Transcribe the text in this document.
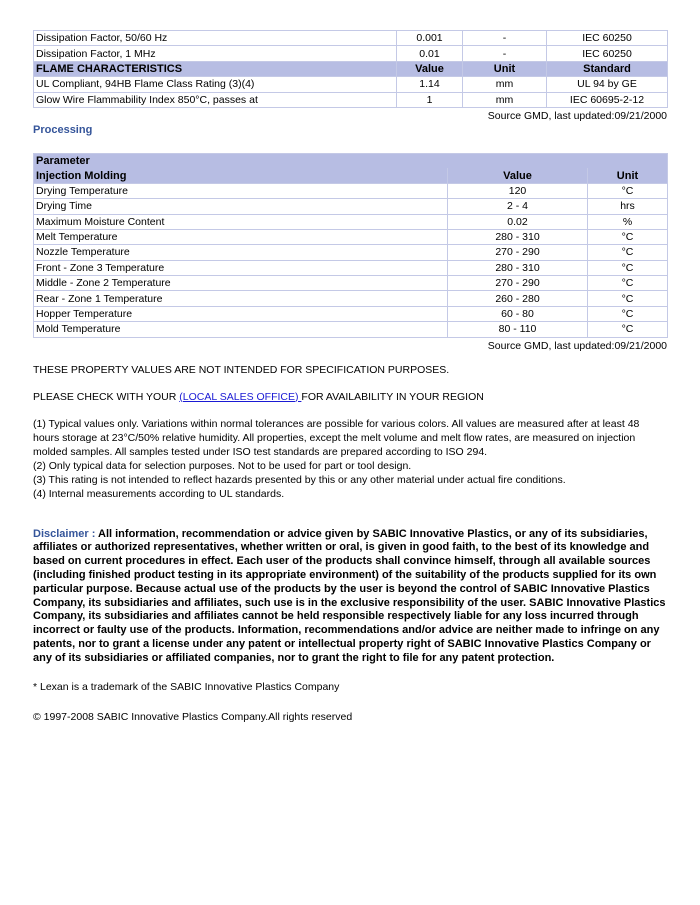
Dissipation Factor, 50/60 Hz	0.001	-	IEC 60250
Dissipation Factor, 1 MHz	0.01	-	IEC 60250
FLAME CHARACTERISTICS	Value	Unit	Standard
UL Compliant, 94HB Flame Class Rating (3)(4)	1.14	mm	UL 94 by GE
Glow Wire Flammability Index 850°C, passes at	1	mm	IEC 60695-2-12
Source GMD, last updated:09/21/2000
Processing
Parameter		
Injection Molding	Value	Unit
Drying Temperature	120	°C
Drying Time	2 - 4	hrs
Maximum Moisture Content	0.02	%
Melt Temperature	280 - 310	°C
Nozzle Temperature	270 - 290	°C
Front - Zone 3 Temperature	280 - 310	°C
Middle - Zone 2 Temperature	270 - 290	°C
Rear - Zone 1 Temperature	260 - 280	°C
Hopper Temperature	60 - 80	°C
Mold Temperature	80 - 110	°C
Source GMD, last updated:09/21/2000

THESE PROPERTY VALUES ARE NOT INTENDED FOR SPECIFICATION PURPOSES.

PLEASE CHECK WITH YOUR (LOCAL SALES OFFICE) FOR AVAILABILITY IN YOUR REGION

(1) Typical values only. Variations within normal tolerances are possible for various colors. All values are measured after at least 48 hours storage at 23°C/50% relative humidity. All properties, except the melt volume and melt flow rates, are measured on injection molded samples. All samples tested under ISO test standards are prepared according to ISO 294.

(2) Only typical data for selection purposes. Not to be used for part or tool design.

(3) This rating is not intended to reflect hazards presented by this or any other material under actual fire conditions.

(4) Internal measurements according to UL standards.

Disclaimer : All information, recommendation or advice given by SABIC Innovative Plastics, or any of its subsidiaries, affiliates or authorized representatives, whether written or oral, is given in good faith, to the best of its knowledge and based on current procedures in effect. Each user of the products shall convince himself, through all available sources (including finished product testing in its appropriate environment) of the suitability of the products supplied for its own particular purpose. Because actual use of the products by the user is beyond the control of SABIC Innovative Plastics Company, its subsidiaries and affiliates, such use is in the exclusive responsibility of the user. SABIC Innovative Plastics Company, its subsidiaries and affiliates cannot be held responsible respectively liable for any loss incurred through incorrect or faulty use of the products. Information, recommendations and/or advice are neither made to infringe on any patents, nor to grant a license under any patent or intellectual property right of SABIC Innovative Plastics Company or any of its subsidiaries or affiliated companies, nor to grant the right to file for any patent protection.

* Lexan is a trademark of the SABIC Innovative Plastics Company

© 1997-2008 SABIC Innovative Plastics Company.All rights reserved
